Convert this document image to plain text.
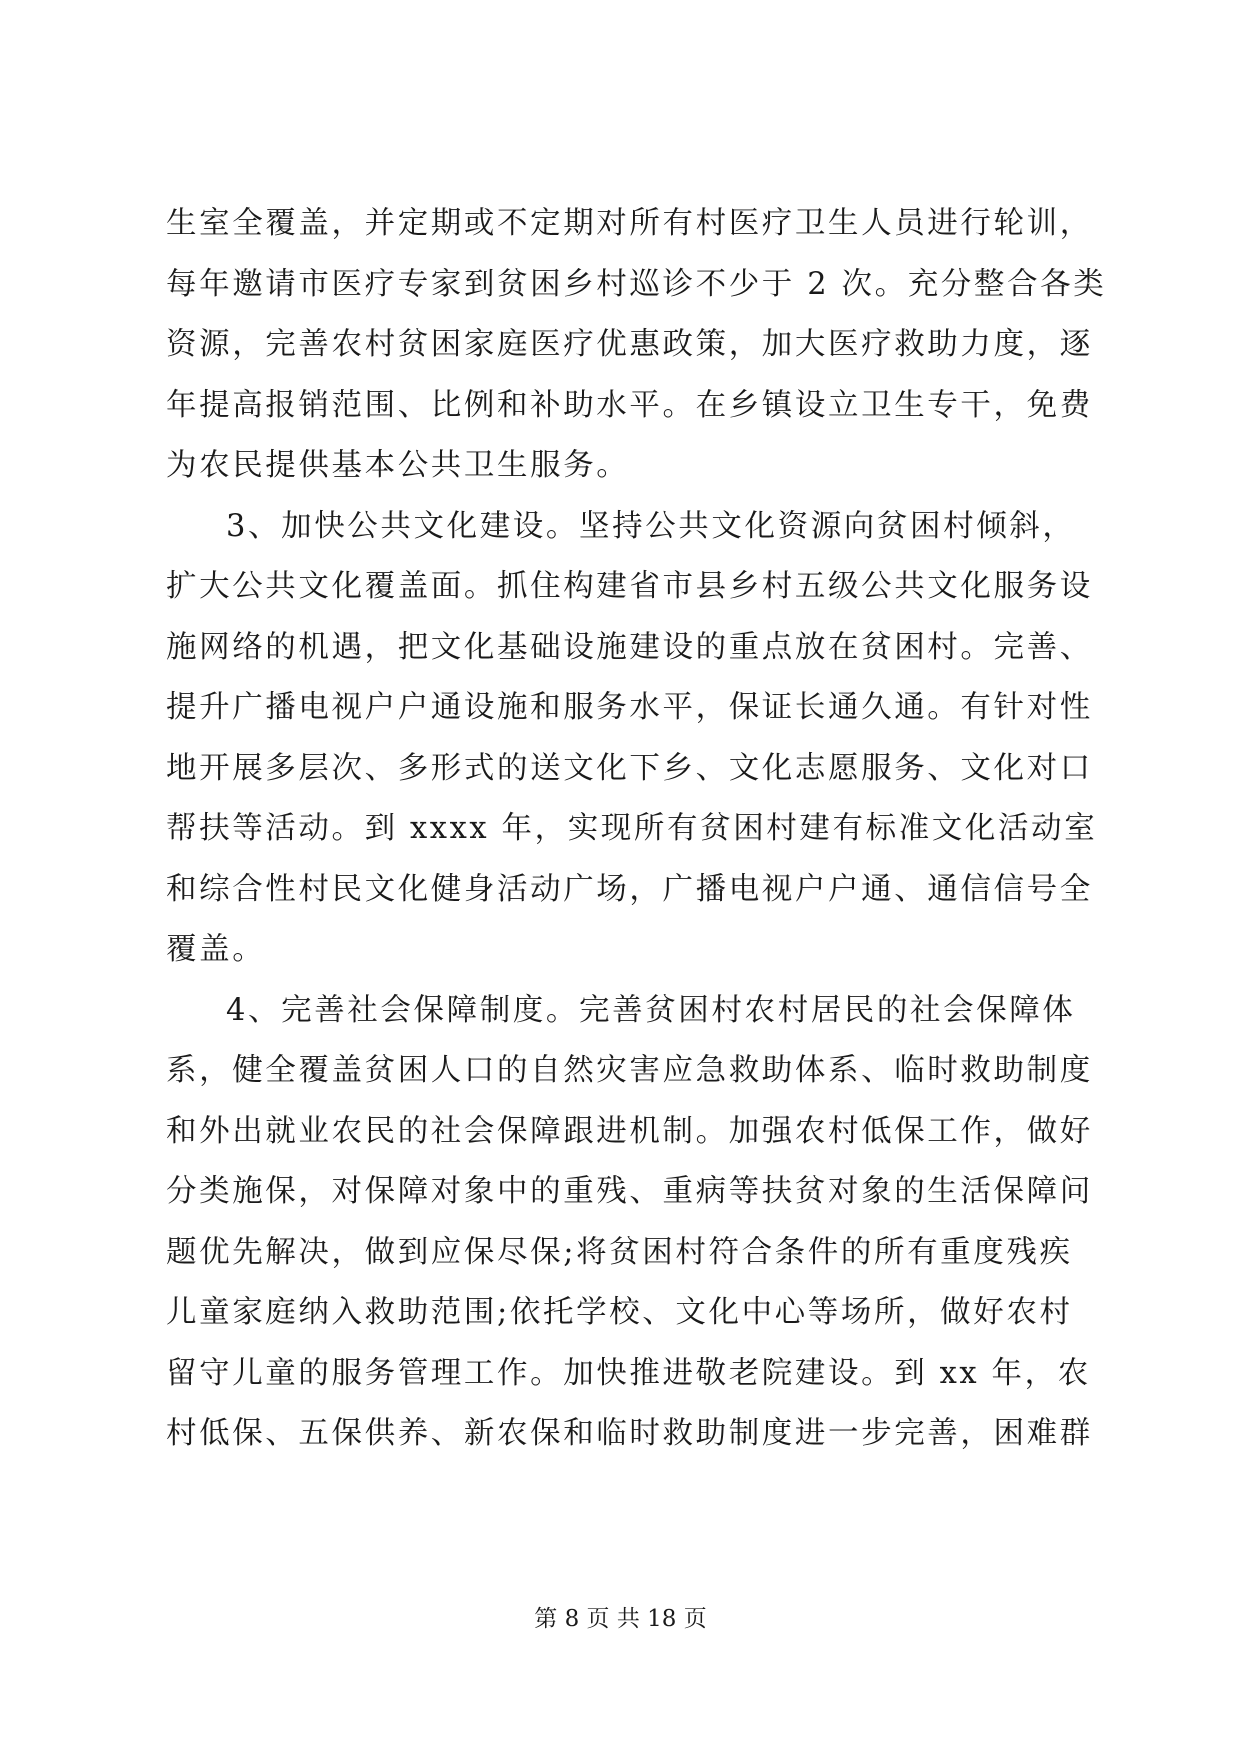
生室全覆盖，并定期或不定期对所有村医疗卫生人员进行轮训，
每年邀请市医疗专家到贫困乡村巡诊不少于 2 次。充分整合各类
资源，完善农村贫困家庭医疗优惠政策，加大医疗救助力度，逐
年提高报销范围、比例和补助水平。在乡镇设立卫生专干，免费
为农民提供基本公共卫生服务。
3、加快公共文化建设。坚持公共文化资源向贫困村倾斜，
扩大公共文化覆盖面。抓住构建省市县乡村五级公共文化服务设
施网络的机遇，把文化基础设施建设的重点放在贫困村。完善、
提升广播电视户户通设施和服务水平，保证长通久通。有针对性
地开展多层次、多形式的送文化下乡、文化志愿服务、文化对口
帮扶等活动。到 xxxx 年，实现所有贫困村建有标准文化活动室
和综合性村民文化健身活动广场，广播电视户户通、通信信号全
覆盖。
4、完善社会保障制度。完善贫困村农村居民的社会保障体
系，健全覆盖贫困人口的自然灾害应急救助体系、临时救助制度
和外出就业农民的社会保障跟进机制。加强农村低保工作，做好
分类施保，对保障对象中的重残、重病等扶贫对象的生活保障问
题优先解决，做到应保尽保;将贫困村符合条件的所有重度残疾
儿童家庭纳入救助范围;依托学校、文化中心等场所，做好农村
留守儿童的服务管理工作。加快推进敬老院建设。到 xx 年，农
村低保、五保供养、新农保和临时救助制度进一步完善，困难群
第 8 页 共 18 页
